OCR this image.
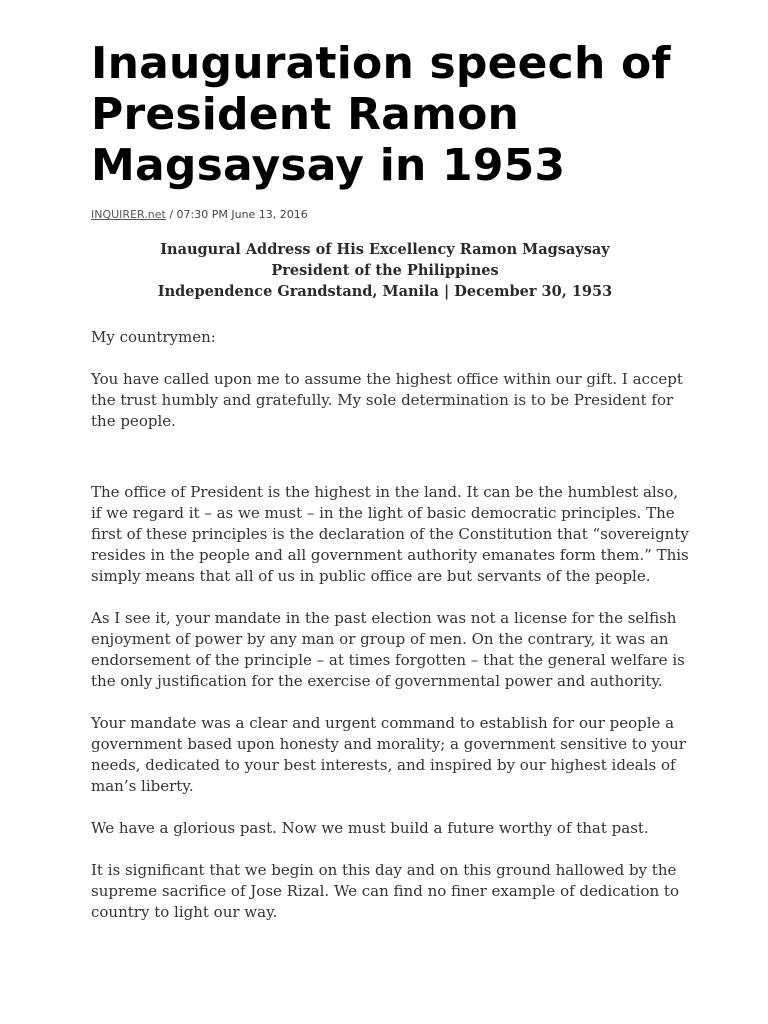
Inauguration speech of President Ramon Magsaysay in 1953
INQUIRER.net / 07:30 PM June 13, 2016
Inaugural Address of His Excellency Ramon Magsaysay
President of the Philippines
Independence Grandstand, Manila | December 30, 1953

My countrymen:

You have called upon me to assume the highest office within our gift. I accept the trust humbly and gratefully. My sole determination is to be President for the people.

The office of President is the highest in the land. It can be the humblest also, if we regard it – as we must – in the light of basic democratic principles. The first of these principles is the declaration of the Constitution that “sovereignty resides in the people and all government authority emanates form them.” This simply means that all of us in public office are but servants of the people.

As I see it, your mandate in the past election was not a license for the selfish enjoyment of power by any man or group of men. On the contrary, it was an endorsement of the principle – at times forgotten – that the general welfare is the only justification for the exercise of governmental power and authority.

Your mandate was a clear and urgent command to establish for our people a government based upon honesty and morality; a government sensitive to your needs, dedicated to your best interests, and inspired by our highest ideals of man’s liberty.

We have a glorious past. Now we must build a future worthy of that past.

It is significant that we begin on this day and on this ground hallowed by the supreme sacrifice of Jose Rizal. We can find no finer example of dedication to country to light our way.
